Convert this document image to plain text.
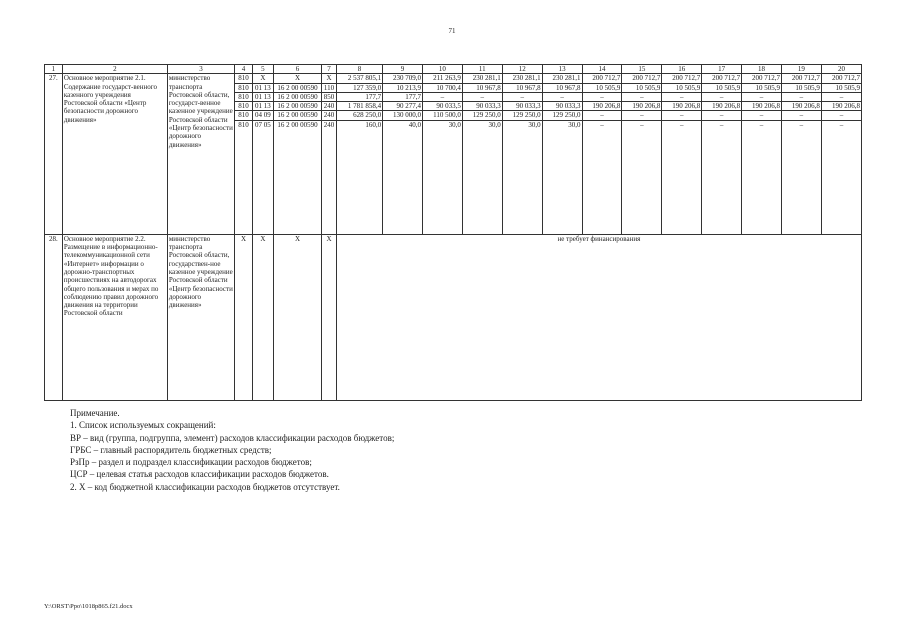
71
1	2	3	4	5	6	7	8	9	10	11	12	13	14	15	16	17	18	19	20
27.	Основное мероприятие 2.1. Содержание государст-венного казенного учреждения Ростовской области «Центр безопасности дорожного движения»	министерство транспорта Ростовской области, государст-венное казенное учреждение Ростовской области «Центр безопасности дорожного движения»	810	X	X	X	2 537 805,1	230 709,0	211 263,9	230 281,1	230 281,1	230 281,1	200 712,7	200 712,7	200 712,7	200 712,7	200 712,7	200 712,7	200 712,7
			810	01 13	16 2 00 00590	110	127 359,0	10 213,9	10 700,4	10 967,8	10 967,8	10 967,8	10 505,9	10 505,9	10 505,9	10 505,9	10 505,9	10 505,9	10 505,9
			810	01 13	16 2 00 00590	850	177,7	177,7	–	–	–	–	–	–	–	–	–	–	–
			810	01 13	16 2 00 00590	240	1 781 858,4	90 277,4	90 033,5	90 033,3	90 033,3	90 033,3	190 206,8	190 206,8	190 206,8	190 206,8	190 206,8	190 206,8	190 206,8
			810	04 09	16 2 00 00590	240	628 250,0	130 000,0	110 500,0	129 250,0	129 250,0	129 250,0	–	–	–	–	–	–	–
			810	07 05	16 2 00 00590	240	160,0	40,0	30,0	30,0	30,0	30,0	–	–	–	–	–	–	–
28.	Основное мероприятие 2.2. Размещение в информационно-телекоммуникационной сети «Интернет» информации о дорожно-транспортных происшествиях на автодорогах общего пользования и мерах по соблюдению правил дорожного движения на территории Ростовской области	министерство транспорта Ростовской области, государствен-ное казенное учреждение Ростовской области «Центр безопасности дорожного движения»	X	X	X	X	не требует финансирования												
Примечание.
1. Список используемых сокращений:
ВР – вид (группа, подгруппа, элемент) расходов классификации расходов бюджетов;
ГРБС – главный распорядитель бюджетных средств;
РзПр – раздел и подраздел классификации расходов бюджетов;
ЦСР – целевая статья расходов классификации расходов бюджетов.
2. Х – код бюджетной классификации расходов бюджетов отсутствует.
Y:\ORST\Ppo\1018p865.f21.docx
